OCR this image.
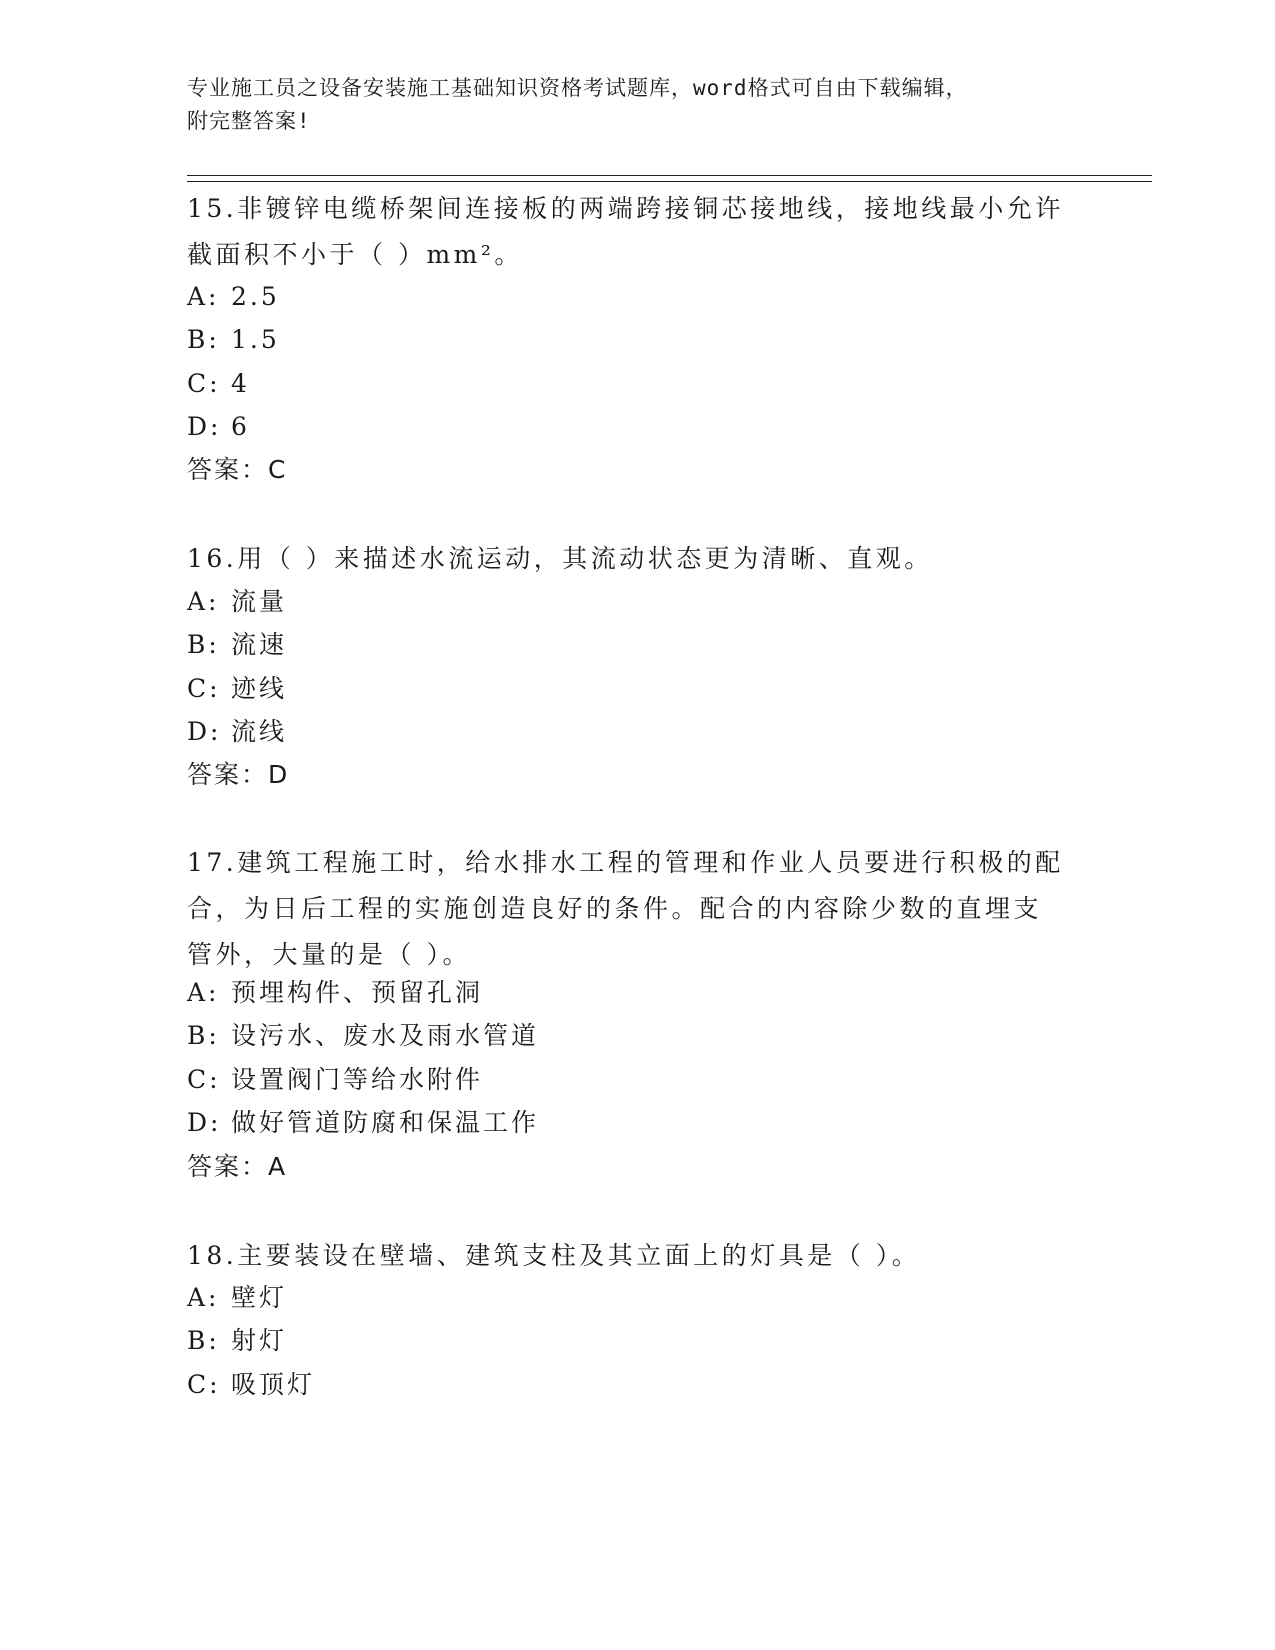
专业施工员之设备安装施工基础知识资格考试题库，word格式可自由下载编辑，
附完整答案!
15.非镀锌电缆桥架间连接板的两端跨接铜芯接地线，接地线最小允许
截面积不小于（ ）mm²。
A: 2.5
B: 1.5
C: 4
D: 6
答案：C
16.用（ ）来描述水流运动，其流动状态更为清晰、直观。
A: 流量
B: 流速
C: 迹线
D: 流线
答案：D
17.建筑工程施工时，给水排水工程的管理和作业人员要进行积极的配
合，为日后工程的实施创造良好的条件。配合的内容除少数的直埋支
管外，大量的是（ ）。
A: 预埋构件、预留孔洞
B: 设污水、废水及雨水管道
C: 设置阀门等给水附件
D: 做好管道防腐和保温工作
答案：A
18.主要装设在壁墙、建筑支柱及其立面上的灯具是（ ）。
A: 壁灯
B: 射灯
C: 吸顶灯
